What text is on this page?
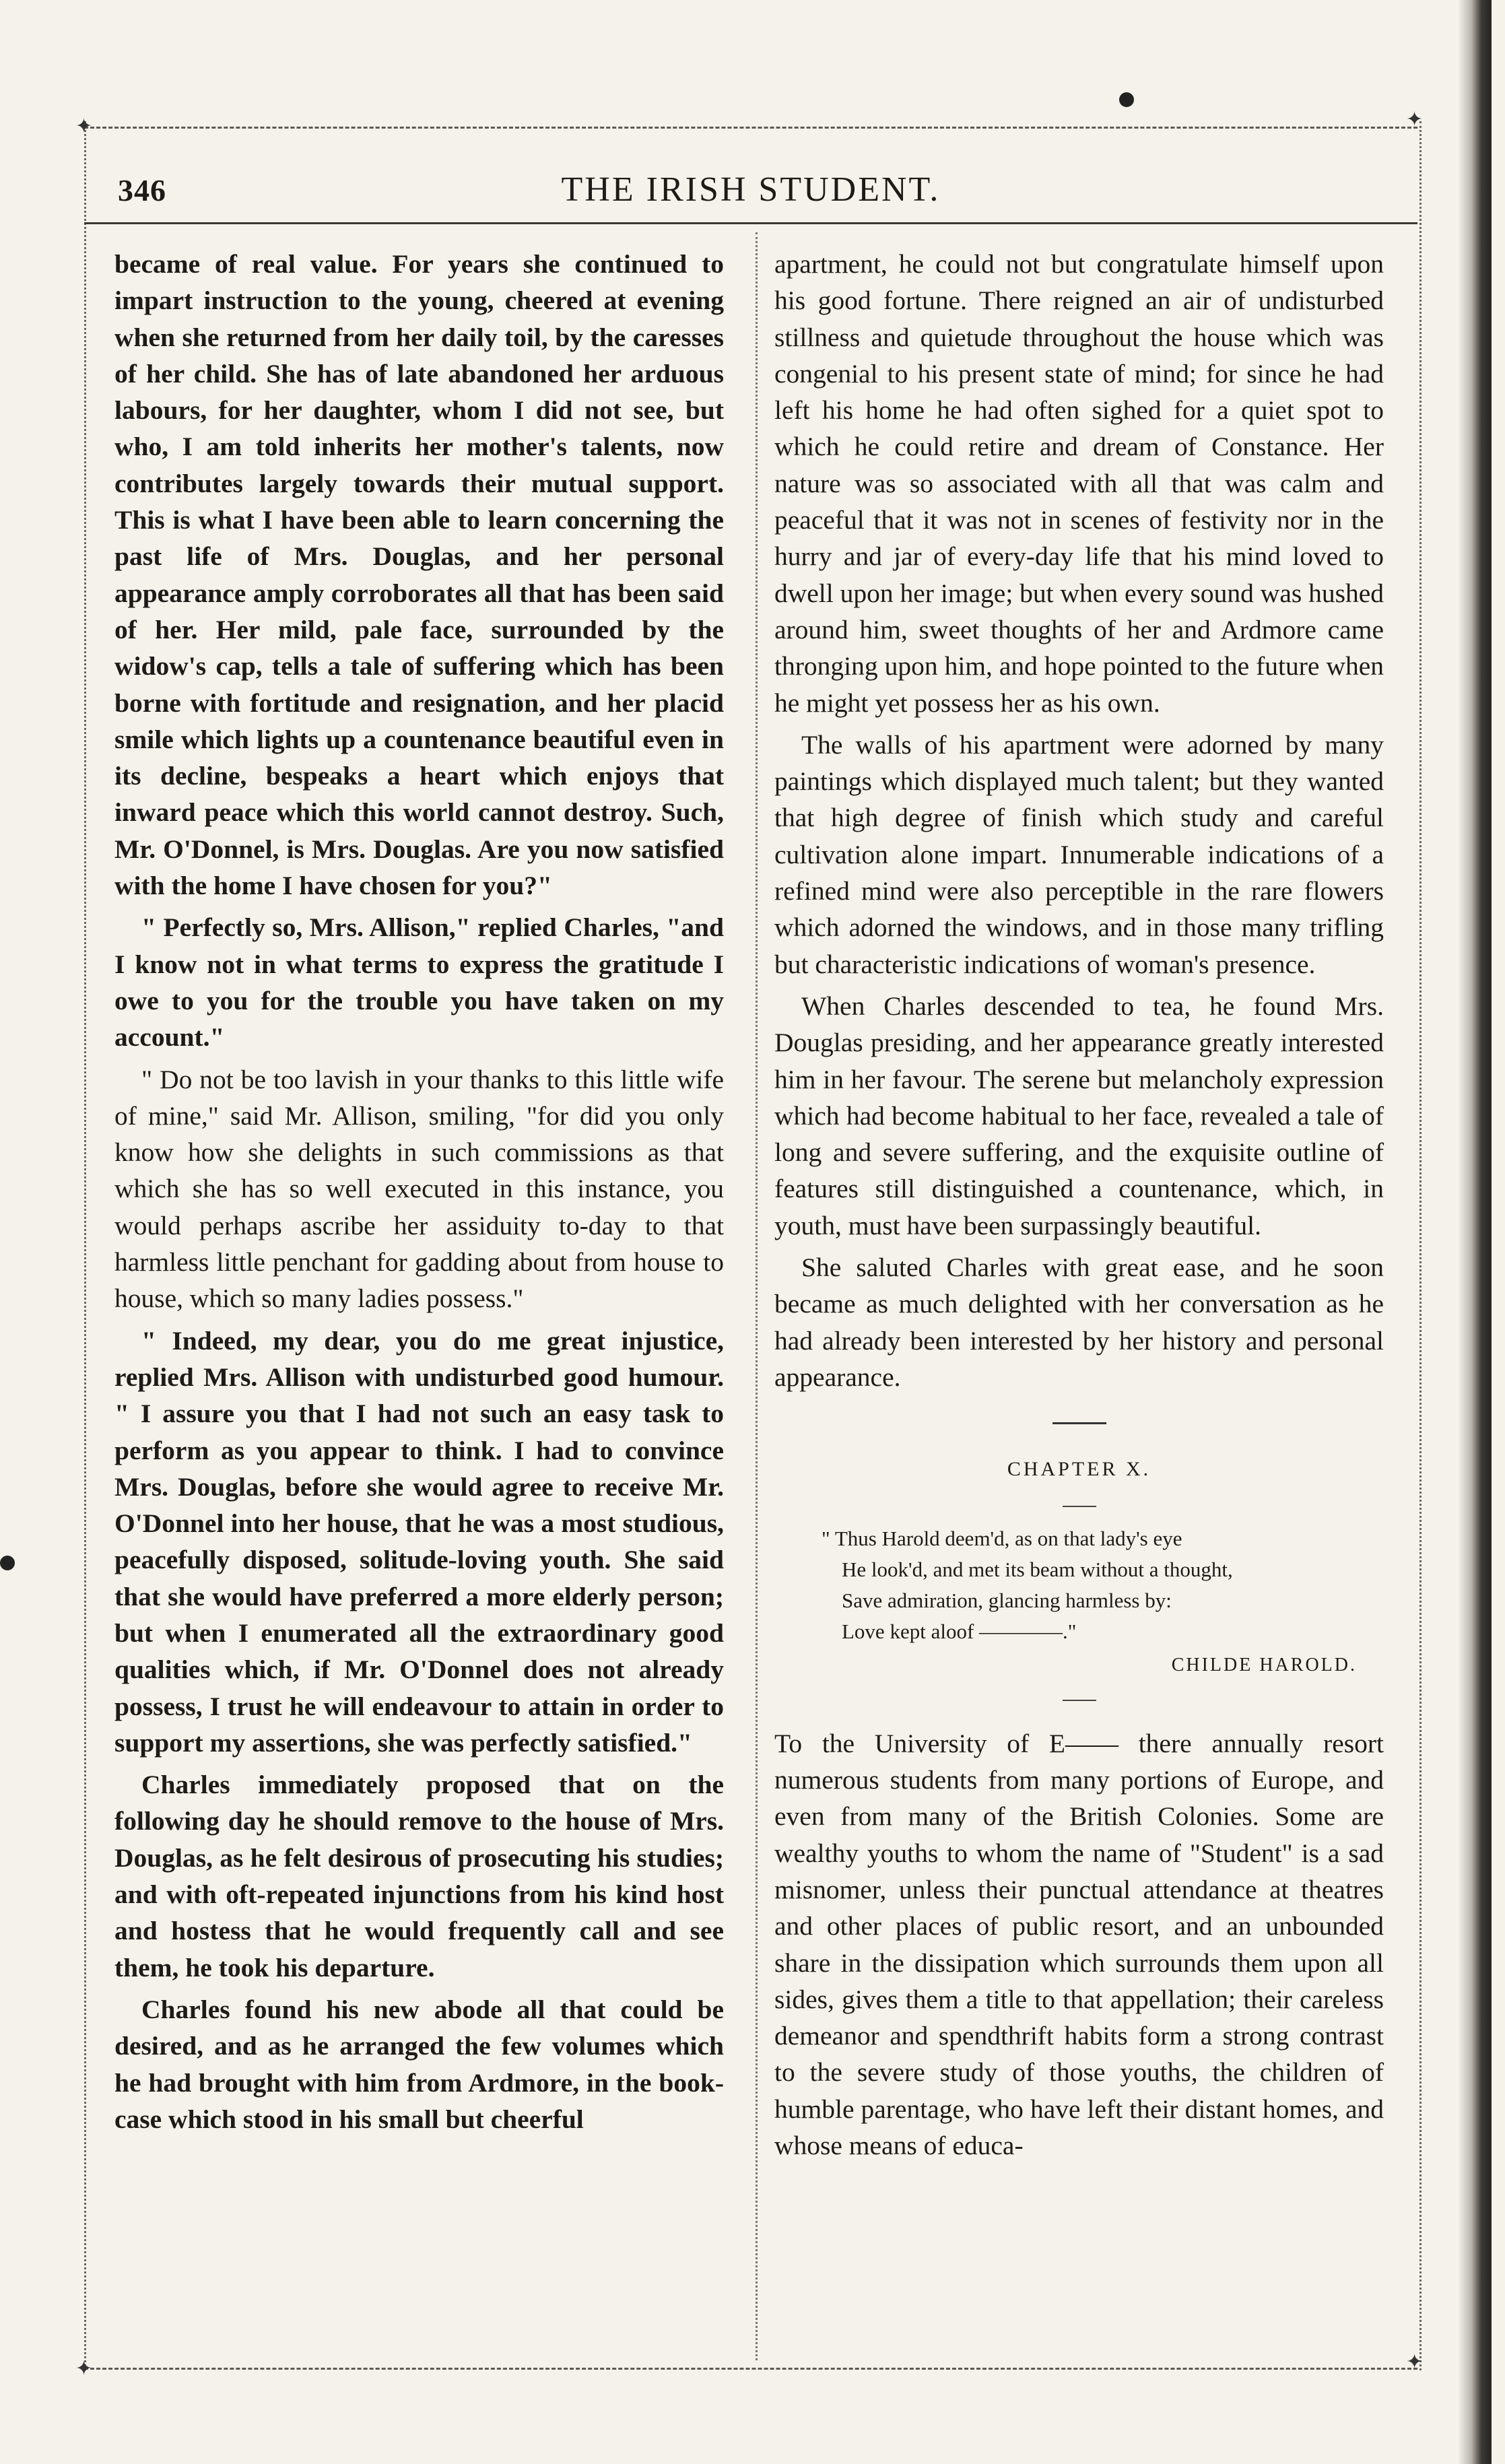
✦	✦
✦	✦
346	THE IRISH STUDENT.

became of real value. For years she continued to impart instruction to the young, cheered at evening when she returned from her daily toil, by the caresses of her child. She has of late abandoned her arduous labours, for her daughter, whom I did not see, but who, I am told inherits her mother's talents, now contributes largely towards their mutual support. This is what I have been able to learn concerning the past life of Mrs. Douglas, and her personal appearance amply corroborates all that has been said of her. Her mild, pale face, surrounded by the widow's cap, tells a tale of suffering which has been borne with fortitude and resignation, and her placid smile which lights up a countenance beautiful even in its decline, bespeaks a heart which enjoys that inward peace which this world cannot destroy. Such, Mr. O'Donnel, is Mrs. Douglas. Are you now satisfied with the home I have chosen for you?"

" Perfectly so, Mrs. Allison," replied Charles, "and I know not in what terms to express the gratitude I owe to you for the trouble you have taken on my account."

" Do not be too lavish in your thanks to this little wife of mine," said Mr. Allison, smiling, "for did you only know how she delights in such commissions as that which she has so well executed in this instance, you would perhaps ascribe her assiduity to-day to that harmless little penchant for gadding about from house to house, which so many ladies possess."

" Indeed, my dear, you do me great injustice, replied Mrs. Allison with undisturbed good humour. " I assure you that I had not such an easy task to perform as you appear to think. I had to convince Mrs. Douglas, before she would agree to receive Mr. O'Donnel into her house, that he was a most studious, peacefully disposed, solitude-loving youth. She said that she would have preferred a more elderly person; but when I enumerated all the extraordinary good qualities which, if Mr. O'Donnel does not already possess, I trust he will endeavour to attain in order to support my assertions, she was perfectly satisfied."

Charles immediately proposed that on the following day he should remove to the house of Mrs. Douglas, as he felt desirous of prosecuting his studies; and with oft-repeated injunctions from his kind host and hostess that he would frequently call and see them, he took his departure.

Charles found his new abode all that could be desired, and as he arranged the few volumes which he had brought with him from Ardmore, in the book-case which stood in his small but cheerful

apartment, he could not but congratulate himself upon his good fortune. There reigned an air of undisturbed stillness and quietude throughout the house which was congenial to his present state of mind; for since he had left his home he had often sighed for a quiet spot to which he could retire and dream of Constance. Her nature was so associated with all that was calm and peaceful that it was not in scenes of festivity nor in the hurry and jar of every-day life that his mind loved to dwell upon her image; but when every sound was hushed around him, sweet thoughts of her and Ardmore came thronging upon him, and hope pointed to the future when he might yet possess her as his own.

The walls of his apartment were adorned by many paintings which displayed much talent; but they wanted that high degree of finish which study and careful cultivation alone impart. Innumerable indications of a refined mind were also perceptible in the rare flowers which adorned the windows, and in those many trifling but characteristic indications of woman's presence.

When Charles descended to tea, he found Mrs. Douglas presiding, and her appearance greatly interested him in her favour. The serene but melancholy expression which had become habitual to her face, revealed a tale of long and severe suffering, and the exquisite outline of features still distinguished a countenance, which, in youth, must have been surpassingly beautiful.

She saluted Charles with great ease, and he soon became as much delighted with her conversation as he had already been interested by her history and personal appearance.

CHAPTER X.
" Thus Harold deem'd, as on that lady's eye
He look'd, and met its beam without a thought,
Save admiration, glancing harmless by:
Love kept aloof ————."
CHILDE HAROLD.

To the University of E—— there annually resort numerous students from many portions of Europe, and even from many of the British Colonies. Some are wealthy youths to whom the name of "Student" is a sad misnomer, unless their punctual attendance at theatres and other places of public resort, and an unbounded share in the dissipation which surrounds them upon all sides, gives them a title to that appellation; their careless demeanor and spendthrift habits form a strong contrast to the severe study of those youths, the children of humble parentage, who have left their distant homes, and whose means of educa-
